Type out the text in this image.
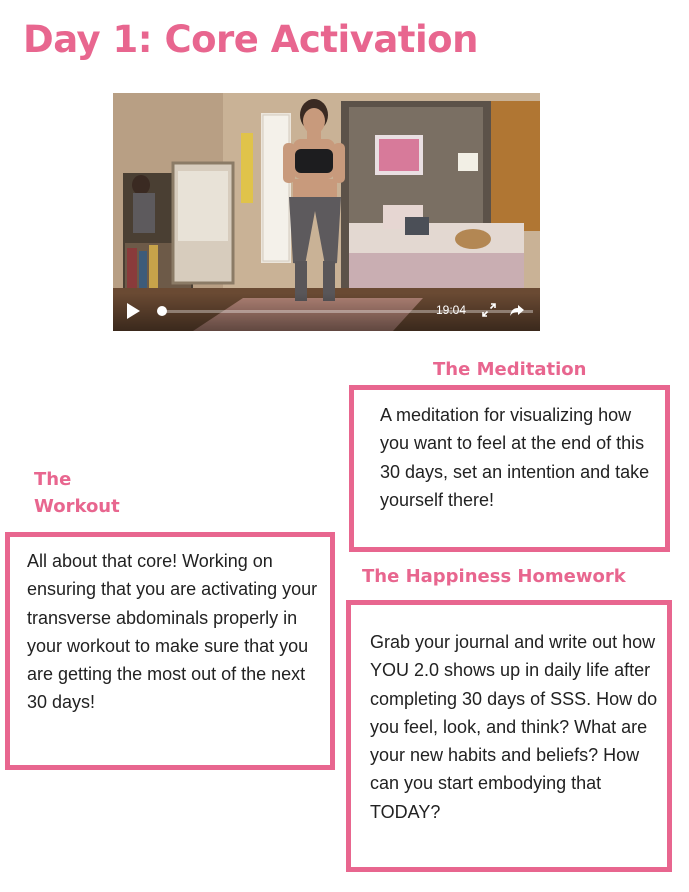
Day 1: Core Activation
19:04
The Workout

All about that core! Working on ensuring that you are activating your transverse abdominals properly in your workout to make sure that you are getting the most out of the next 30 days!

The Meditation

A meditation for visualizing how you want to feel at the end of this 30 days, set an intention and take yourself there!

The Happiness Homework

Grab your journal and write out how YOU 2.0 shows up in daily life after completing 30 days of SSS. How do you feel, look, and think? What are your new habits and beliefs? How can you start embodying that TODAY?
